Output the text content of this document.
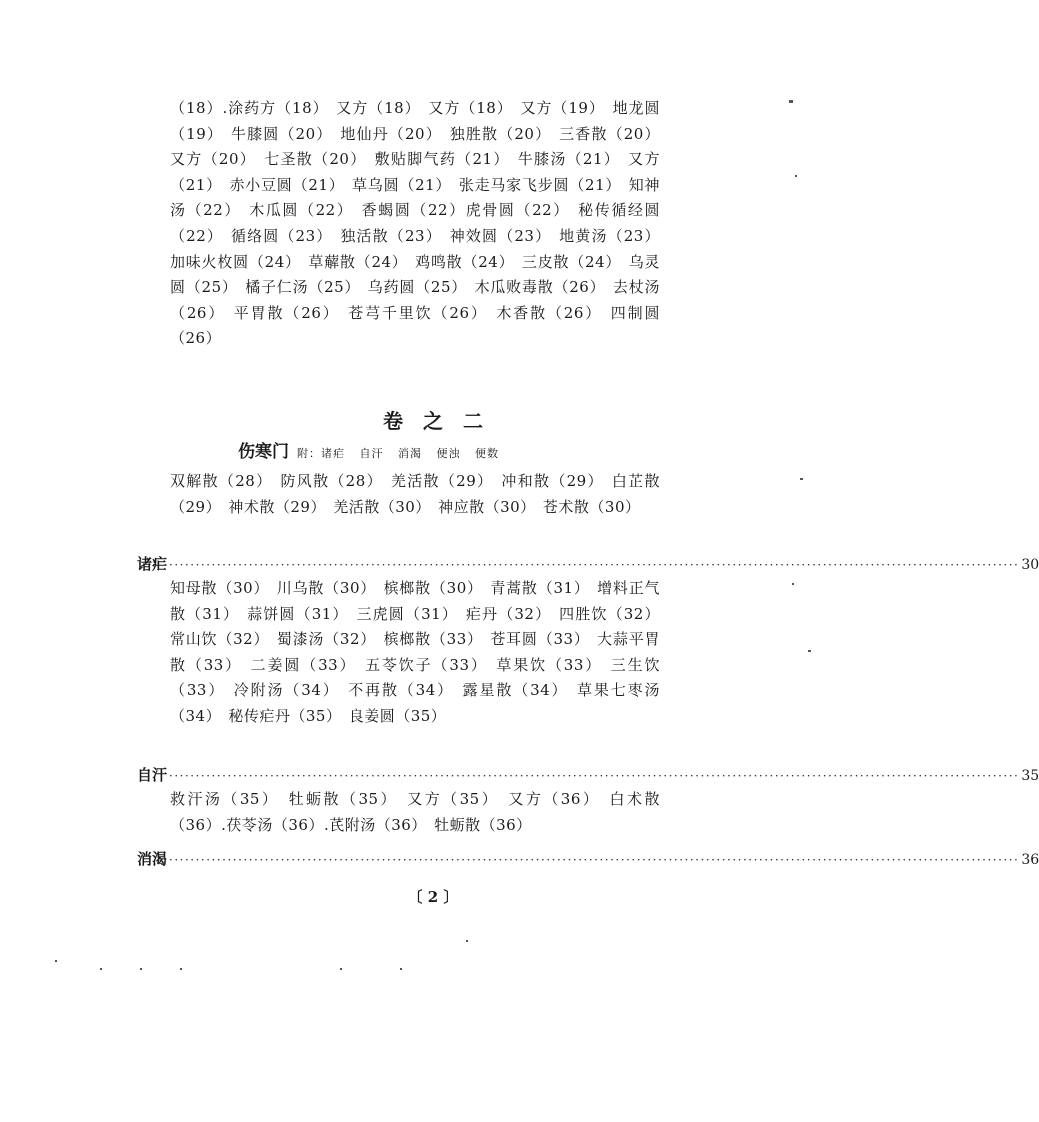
（18）.涂药方（18） 又方（18） 又方（18） 又方（19） 地龙圆（19） 牛膝圆（20） 地仙丹（20） 独胜散（20） 三香散（20） 又方（20） 七圣散（20） 敷贴脚气药（21） 牛膝汤（21） 又方（21） 赤小豆圆（21） 草乌圆（21） 张走马家飞步圆（21） 知神汤（22） 木瓜圆（22） 香蝎圆（22）虎骨圆（22） 秘传循经圆（22） 循络圆（23） 独活散（23） 神效圆（23） 地黄汤（23） 加味火枚圆（24） 草薢散（24） 鸡鸣散（24） 三皮散（24） 乌灵圆（25） 橘子仁汤（25） 乌药圆（25） 木瓜败毒散（26） 去杖汤（26） 平胃散（26） 苍芎千里饮（26） 木香散（26） 四制圆（26）
卷之二
伤寒门 附：诸疟 自汗 消渴 便浊 便数
双解散（28） 防风散（28） 羌活散（29） 冲和散（29） 白芷散（29） 神术散（29） 羌活散（30） 神应散（30） 苍术散（30）
诸疟 ································································································································································ 30
知母散（30） 川乌散（30） 槟榔散（30） 青蒿散（31） 增料正气散（31） 蒜饼圆（31） 三虎圆（31） 疟丹（32） 四胜饮（32） 常山饮（32） 蜀漆汤（32） 槟榔散（33） 苍耳圆（33） 大蒜平胃散（33） 二姜圆（33） 五苓饮子（33） 草果饮（33） 三生饮（33） 冷附汤（34） 不再散（34） 露星散（34） 草果七枣汤（34） 秘传疟丹（35） 良姜圆（35）
自汗 ································································································································································ 35
救汗汤（35） 牡蛎散（35） 又方（35） 又方（36） 白术散（36）.茯苓汤（36）.芪附汤（36） 牡蛎散（36）
消渴 ································································································································································ 36
〔 2 〕
